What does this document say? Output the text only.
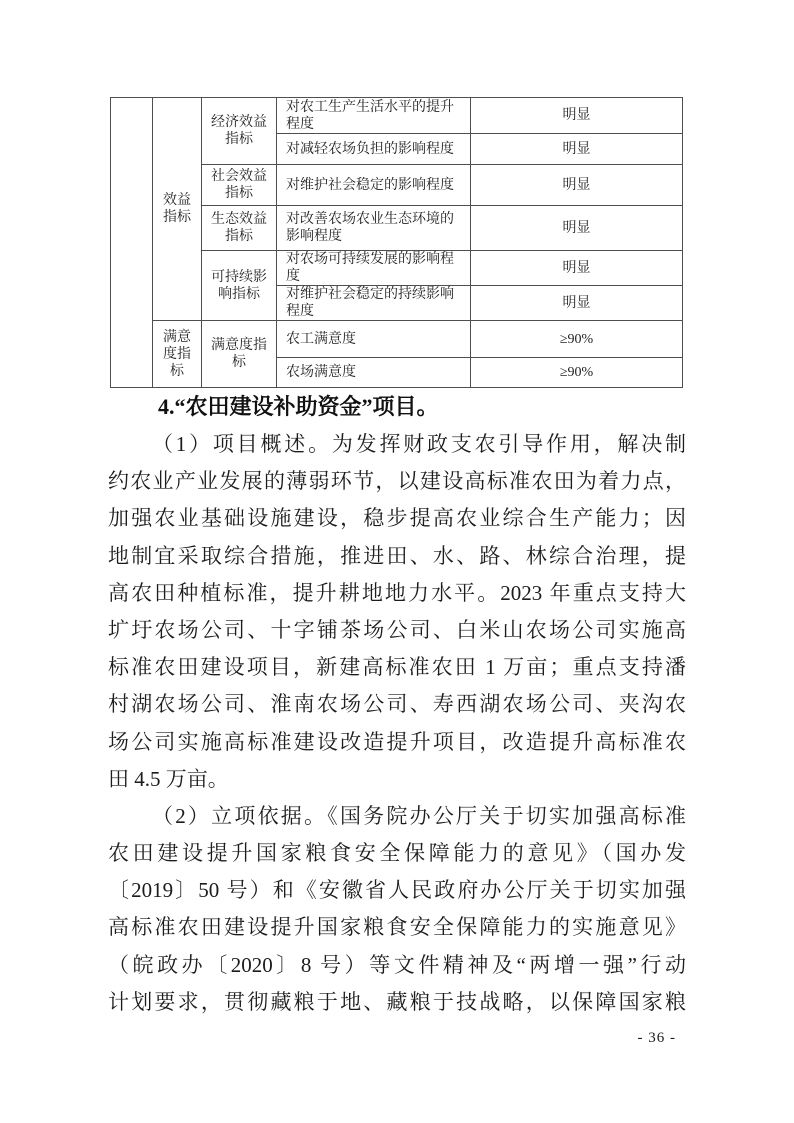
	效益指标	经济效益指标	对农工生产生活水平的提升程度	明显
			对减轻农场负担的影响程度	明显
		社会效益指标	对维护社会稳定的影响程度	明显
		生态效益指标	对改善农场农业生态环境的影响程度	明显
		可持续影响指标	对农场可持续发展的影响程度	明显
			对维护社会稳定的持续影响程度	明显
	满意度指标	满意度指标	农工满意度	≥90%
			农场满意度	≥90%
4.“农田建设补助资金”项目。
（1）项目概述。为发挥财政支农引导作用，解决制
约农业产业发展的薄弱环节，以建设高标准农田为着力点，
加强农业基础设施建设，稳步提高农业综合生产能力；因
地制宜采取综合措施，推进田、水、路、林综合治理，提
高农田种植标准，提升耕地地力水平。2023 年重点支持大
圹圩农场公司、十字铺茶场公司、白米山农场公司实施高
标准农田建设项目，新建高标准农田 1 万亩；重点支持潘
村湖农场公司、淮南农场公司、寿西湖农场公司、夹沟农
场公司实施高标准建设改造提升项目，改造提升高标准农
田 4.5 万亩。
（2）立项依据。《国务院办公厅关于切实加强高标准
农田建设提升国家粮食安全保障能力的意见》（国办发
〔2019〕50 号）和《安徽省人民政府办公厅关于切实加强
高标准农田建设提升国家粮食安全保障能力的实施意见》
（皖政办〔2020〕8 号）等文件精神及“两增一强”行动
计划要求，贯彻藏粮于地、藏粮于技战略，以保障国家粮
- 36 -
